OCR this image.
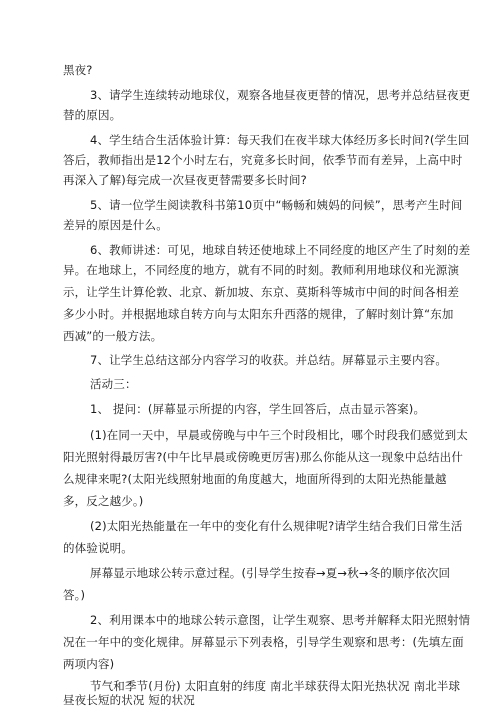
黑夜?
3、请学生连续转动地球仪，观察各地昼夜更替的情况，思考并总结昼夜更
替的原因。
4、学生结合生活体验计算：每天我们在夜半球大体经历多长时间?(学生回
答后，教师指出是12个小时左右，究竟多长时间，依季节而有差异，上高中时
再深入了解)每完成一次昼夜更替需要多长时间?
5、请一位学生阅读教科书第10页中“畅畅和姨妈的问候”，思考产生时间
差异的原因是什么。
6、教师讲述：可见，地球自转还使地球上不同经度的地区产生了时刻的差
异。在地球上，不同经度的地方，就有不同的时刻。教师利用地球仪和光源演
示，让学生计算伦敦、北京、新加坡、东京、莫斯科等城市中间的时间各相差
多少小时。并根据地球自转方向与太阳东升西落的规律，了解时刻计算“东加
西减”的一般方法。
7、让学生总结这部分内容学习的收获。并总结。屏幕显示主要内容。
活动三：
1、 提问：(屏幕显示所提的内容，学生回答后，点击显示答案)。
(1)在同一天中，早晨或傍晚与中午三个时段相比，哪个时段我们感觉到太
阳光照射得最厉害?(中午比早晨或傍晚更厉害)那么你能从这一现象中总结出什
么规律来呢?(太阳光线照射地面的角度越大，地面所得到的太阳光热能量越
多，反之越少。)
(2)太阳光热能量在一年中的变化有什么规律呢?请学生结合我们日常生活
的体验说明。
屏幕显示地球公转示意过程。(引导学生按春→夏→秋→冬的顺序依次回
答。)
2、利用课本中的地球公转示意图，让学生观察、思考并解释太阳光照射情
况在一年中的变化规律。屏幕显示下列表格，引导学生观察和思考：(先填左面
两项内容)
节气和季节(月份) 太阳直射的纬度 南北半球获得太阳光热状况 南北半球
昼夜长短的状况 短的状况
